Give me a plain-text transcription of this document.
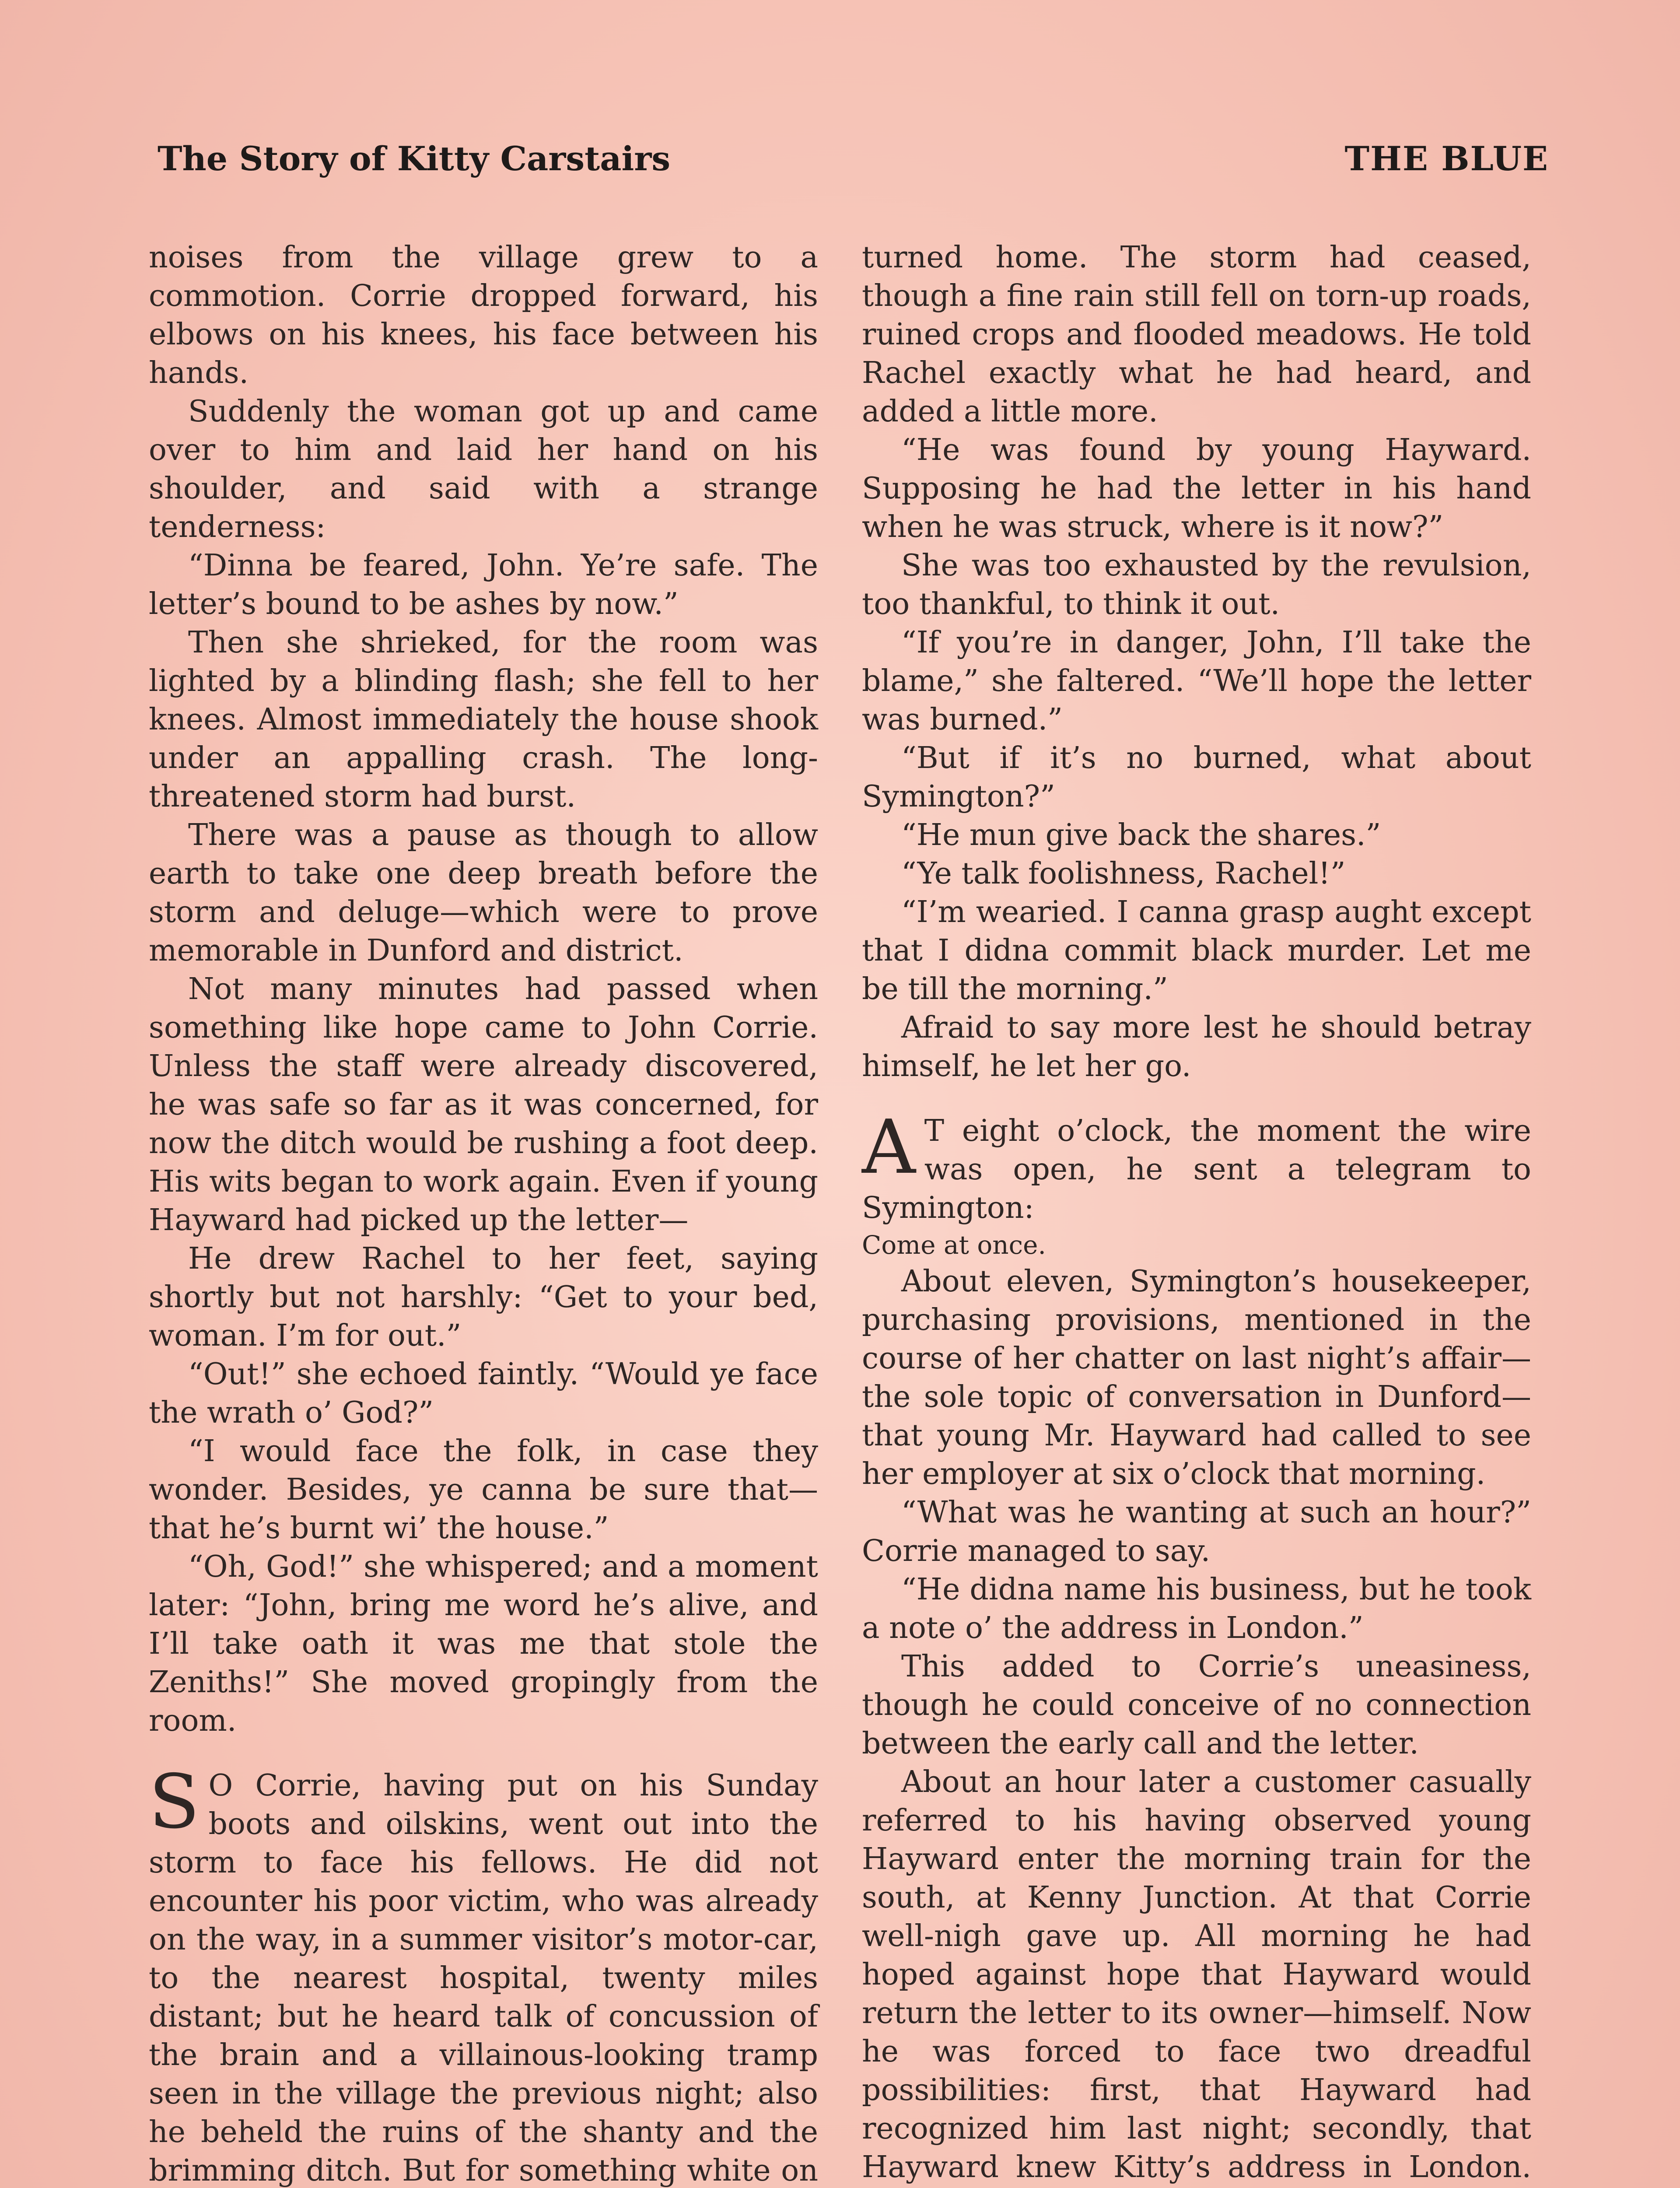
The Story of Kitty Carstairs	THE BLUE

noises from the village grew to a commotion. Corrie dropped forward, his elbows on his knees, his face between his hands.

Suddenly the woman got up and came over to him and laid her hand on his shoulder, and said with a strange tenderness:

“Dinna be feared, John. Ye’re safe. The letter’s bound to be ashes by now.”

Then she shrieked, for the room was lighted by a blinding flash; she fell to her knees. Almost immediately the house shook under an appalling crash. The long-threatened storm had burst.

There was a pause as though to allow earth to take one deep breath before the storm and deluge—which were to prove memorable in Dunford and district.

Not many minutes had passed when something like hope came to John Corrie. Unless the staff were already discovered, he was safe so far as it was concerned, for now the ditch would be rushing a foot deep. His wits began to work again. Even if young Hayward had picked up the letter—

He drew Rachel to her feet, saying shortly but not harshly: “Get to your bed, woman. I’m for out.”

“Out!” she echoed faintly. “Would ye face the wrath o’ God?”

“I would face the folk, in case they wonder. Besides, ye canna be sure that—that he’s burnt wi’ the house.”

“Oh, God!” she whispered; and a moment later: “John, bring me word he’s alive, and I’ll take oath it was me that stole the Zeniths!” She moved gropingly from the room.

S O Corrie, having put on his Sunday boots and oilskins, went out into the storm to face his fellows. He did not encounter his poor victim, who was already on the way, in a summer visitor’s motor-car, to the nearest hospital, twenty miles distant; but he heard talk of concussion of the brain and a villainous-looking tramp seen in the village the previous night; also he beheld the ruins of the shanty and the brimming ditch. But for something white on

turned home. The storm had ceased, though a fine rain still fell on torn-up roads, ruined crops and flooded meadows. He told Rachel exactly what he had heard, and added a little more.

“He was found by young Hayward. Supposing he had the letter in his hand when he was struck, where is it now?”

She was too exhausted by the revulsion, too thankful, to think it out.

“If you’re in danger, John, I’ll take the blame,” she faltered. “We’ll hope the letter was burned.”

“But if it’s no burned, what about Symington?”

“He mun give back the shares.”

“Ye talk foolishness, Rachel!”

“I’m wearied. I canna grasp aught except that I didna commit black murder. Let me be till the morning.”

Afraid to say more lest he should betray himself, he let her go.

A T eight o’clock, the moment the wire was open, he sent a telegram to Symington:

Come at once.

About eleven, Symington’s housekeeper, purchasing provisions, mentioned in the course of her chatter on last night’s affair—the sole topic of conversation in Dunford—that young Mr. Hayward had called to see her employer at six o’clock that morning.

“What was he wanting at such an hour?” Corrie managed to say.

“He didna name his business, but he took a note o’ the address in London.”

This added to Corrie’s uneasiness, though he could conceive of no connection between the early call and the letter.

About an hour later a customer casually referred to his having observed young Hayward enter the morning train for the south, at Kenny Junction. At that Corrie well-nigh gave up. All morning he had hoped against hope that Hayward would return the letter to its owner—himself. Now he was forced to face two dreadful possibilities: first, that Hayward had recognized him last night; secondly, that Hayward knew Kitty’s address in London.
